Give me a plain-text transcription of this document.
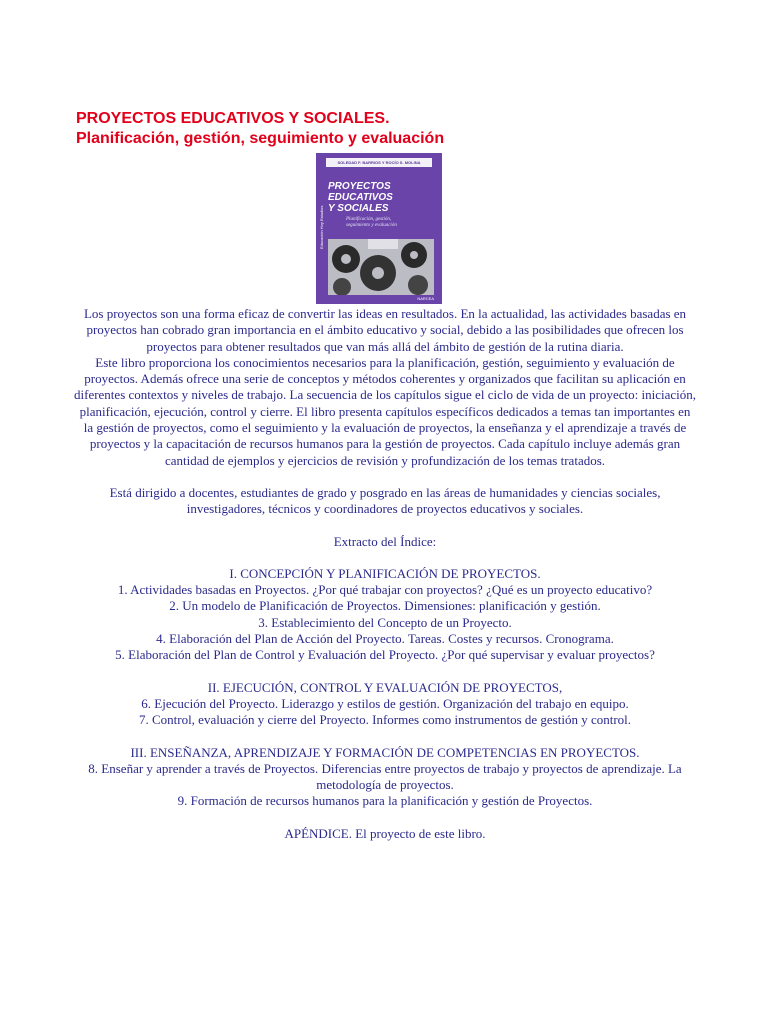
PROYECTOS EDUCATIVOS Y SOCIALES.
Planificación, gestión, seguimiento y evaluación
SOLEDAD F. BARRIOS Y ROCÍO S. MOLINA
PROYECTOS
EDUCATIVOS
Y SOCIALES
Planificación, gestión, seguimiento y evaluación
Educación Hoy Estudios
NARCEA

Los proyectos son una forma eficaz de convertir las ideas en resultados. En la actualidad, las actividades basadas en proyectos han cobrado gran importancia en el ámbito educativo y social, debido a las posibilidades que ofrecen los proyectos para obtener resultados que van más allá del ámbito de gestión de la rutina diaria.

Este libro proporciona los conocimientos necesarios para la planificación, gestión, seguimiento y evaluación de proyectos. Además ofrece una serie de conceptos y métodos coherentes y organizados que facilitan su aplicación en diferentes contextos y niveles de trabajo. La secuencia de los capítulos sigue el ciclo de vida de un proyecto: iniciación, planificación, ejecución, control y cierre. El libro presenta capítulos específicos dedicados a temas tan importantes en la gestión de proyectos, como el seguimiento y la evaluación de proyectos, la enseñanza y el aprendizaje a través de proyectos y la capacitación de recursos humanos para la gestión de proyectos. Cada capítulo incluye además gran cantidad de ejemplos y ejercicios de revisión y profundización de los temas tratados.

Está dirigido a docentes, estudiantes de grado y posgrado en las áreas de humanidades y ciencias sociales, investigadores, técnicos y coordinadores de proyectos educativos y sociales.

Extracto del Índice:

I. CONCEPCIÓN Y PLANIFICACIÓN DE PROYECTOS.

1. Actividades basadas en Proyectos. ¿Por qué trabajar con proyectos? ¿Qué es un proyecto educativo?

2. Un modelo de Planificación de Proyectos. Dimensiones: planificación y gestión.

3. Establecimiento del Concepto de un Proyecto.

4. Elaboración del Plan de Acción del Proyecto. Tareas. Costes y recursos. Cronograma.

5. Elaboración del Plan de Control y Evaluación del Proyecto. ¿Por qué supervisar y evaluar proyectos?

II. EJECUCIÓN, CONTROL Y EVALUACIÓN DE PROYECTOS,

6. Ejecución del Proyecto. Liderazgo y estilos de gestión. Organización del trabajo en equipo.

7. Control, evaluación y cierre del Proyecto. Informes como instrumentos de gestión y control.

III. ENSEÑANZA, APRENDIZAJE Y FORMACIÓN DE COMPETENCIAS EN PROYECTOS.

8. Enseñar y aprender a través de Proyectos. Diferencias entre proyectos de trabajo y proyectos de aprendizaje. La metodología de proyectos.

9. Formación de recursos humanos para la planificación y gestión de Proyectos.

APÉNDICE. El proyecto de este libro.
